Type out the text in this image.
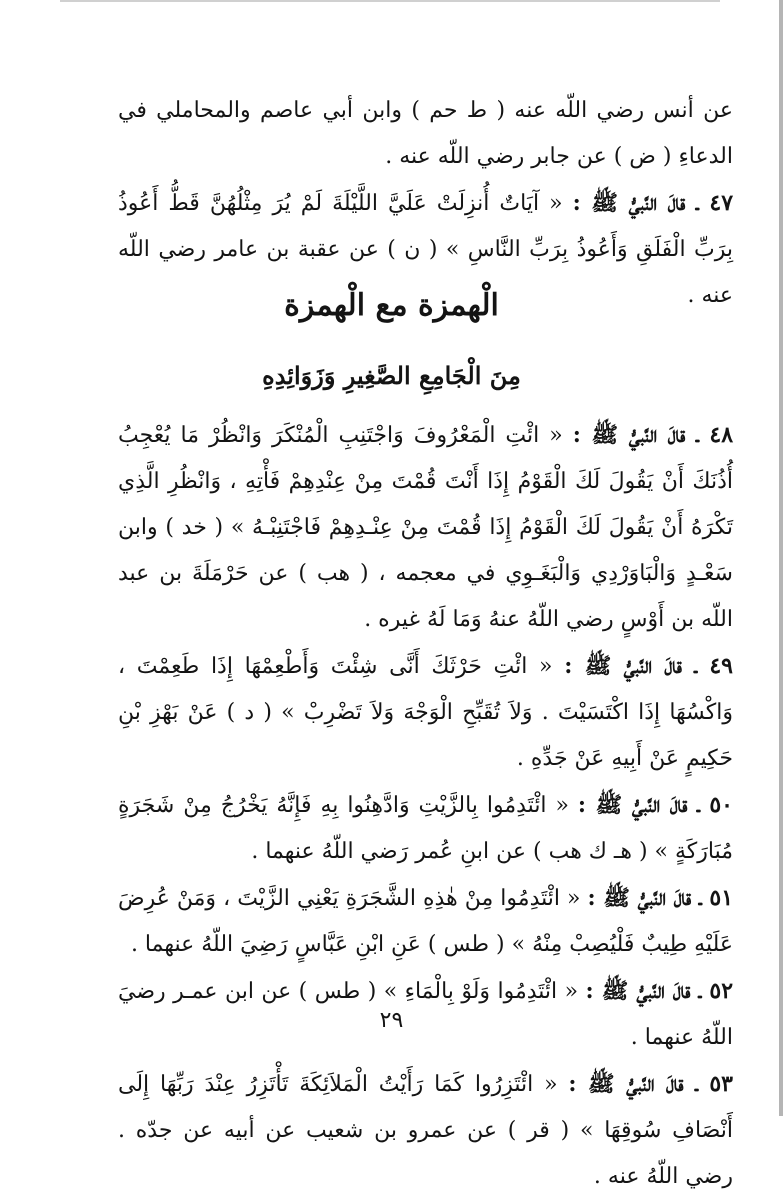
عن أنس رضي اللّه عنه ( ط حم ) وابن أبي عاصم والمحاملي في الدعاءِ ( ض ) عن جابر رضي اللّه عنه .

٤٧ ـ قالَ النَّبيُّ ﷺ : « آيَاتٌ أُنزِلَتْ عَلَيَّ اللَّيْلَةَ لَمْ يُرَ مِثْلُهُنَّ قَطُّ أَعُوذُ بِرَبِّ الْفَلَقِ وَأَعُوذُ بِرَبِّ النَّاسِ » ( ن ) عن عقبة بن عامر رضي اللّه عنه .

الْهمزة مع الْهمزة
مِنَ الْجَامِعِ الصَّغِيرِ وَزَوَائِدِهِ

٤٨ ـ قالَ النَّبيُّ ﷺ : « ائْتِ الْمَعْرُوفَ وَاجْتَنِبِ الْمُنْكَرَ وَانْظُرْ مَا يُعْجِبُ أُذُنَكَ أَنْ يَقُولَ لَكَ الْقَوْمُ إِذَا أَنْتَ قُمْتَ مِنْ عِنْدِهِمْ فَأْتِهِ ، وَانْظُرِ الَّذِي تَكْرَهُ أَنْ يَقُولَ لَكَ الْقَوْمُ إِذَا قُمْتَ مِنْ عِنْـدِهِمْ فَاجْتَنِبْـهُ » ( خد ) وابن سَعْـدٍ وَالْبَاوَرْدِي وَالْبَغَـوِي في معجمه ، ( هب ) عن حَرْمَلَةَ بن عبد اللّه بن أَوْسٍ رضي اللّهُ عنهُ وَمَا لَهُ غيره .

٤٩ ـ قالَ النَّبيُّ ﷺ : « ائْتِ حَرْثَكَ أَنَّى شِئْتَ وَأَطْعِمْهَا إِذَا طَعِمْتَ ، وَاكْسُهَا إِذَا اكْتَسَيْتَ . وَلاَ تُقَبِّحِ الْوَجْهَ وَلاَ تَضْرِبْ » ( د ) عَنْ بَهْزِ بْنِ حَكِيمٍ عَنْ أَبِيهِ عَنْ جَدِّهِ .

٥٠ ـ قالَ النَّبيُّ ﷺ : « ائْتَدِمُوا بِالزَّيْتِ وَادَّهِنُوا بِهِ فَإِنَّهُ يَخْرُجُ مِنْ شَجَرَةٍ مُبَارَكَةٍ » ( هـ ك هب ) عن ابنِ عُمر رَضي اللّهُ عنهما .

٥١ ـ قالَ النَّبيُّ ﷺ : « ائْتَدِمُوا مِنْ هٰذِهِ الشَّجَرَةِ يَعْنِي الزَّيْتَ ، وَمَنْ عُرِضَ عَلَيْهِ طِيبٌ فَلْيُصِبْ مِنْهُ » ( طس ) عَنِ ابْنِ عَبَّاسٍ رَضِيَ اللّهُ عنهما .

٥٢ ـ قالَ النَّبيُّ ﷺ : « ائْتَدِمُوا وَلَوْ بِالْمَاءِ » ( طس ) عن ابن عمـر رضيَ اللّهُ عنهما .

٥٣ ـ قالَ النَّبيُّ ﷺ : « ائْتَزِرُوا كَمَا رَأَيْتُ الْمَلاَئِكَةَ تَأْتَزِرُ عِنْدَ رَبِّهَا إِلَى أَنْصَافِ سُوقِهَا » ( قر ) عن عمرو بن شعيب عن أبيه عن جدّه . رضي اللّهُ عنه .

٢٩
